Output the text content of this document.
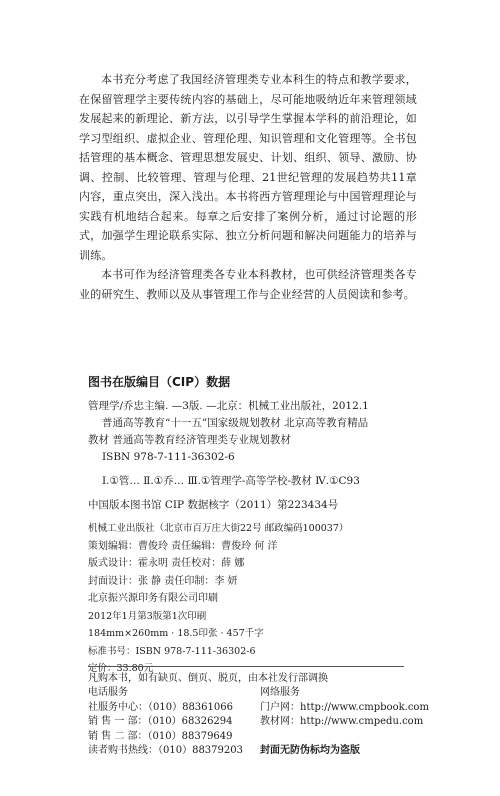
本书充分考虑了我国经济管理类专业本科生的特点和教学要求，在保留管理学主要传统内容的基础上，尽可能地吸纳近年来管理领域发展起来的新理论、新方法，以引导学生掌握本学科的前沿理论，如学习型组织、虚拟企业、管理伦理、知识管理和文化管理等。全书包括管理的基本概念、管理思想发展史、计划、组织、领导、激励、协调、控制、比较管理、管理与伦理、21世纪管理的发展趋势共11章内容，重点突出，深入浅出。本书将西方管理理论与中国管理理论与实践有机地结合起来。每章之后安排了案例分析，通过讨论题的形式，加强学生理论联系实际、独立分析问题和解决问题能力的培养与训练。

本书可作为经济管理类各专业本科教材，也可供经济管理类各专业的研究生、教师以及从事管理工作与企业经营的人员阅读和参考。

图书在版编目（CIP）数据
管理学/乔忠主编. —3版. —北京：机械工业出版社，2012.1
普通高等教育“十一五”国家级规划教材 北京高等教育精品
教材 普通高等教育经济管理类专业规划教材
ISBN 978-7-111-36302-6
Ⅰ.①管… Ⅱ.①乔… Ⅲ.①管理学-高等学校-教材 Ⅳ.①C93
中国版本图书馆 CIP 数据核字（2011）第223434号
机械工业出版社（北京市百万庄大街22号 邮政编码100037）
策划编辑：曹俊玲 责任编辑：曹俊玲 何 洋
版式设计：霍永明 责任校对：薛 娜
封面设计：张 静 责任印制：李 妍
北京振兴源印务有限公司印刷
2012年1月第3版第1次印刷
184mm×260mm · 18.5印张 · 457千字
标准书号：ISBN 978-7-111-36302-6
定价：33.80元
凡购本书，如有缺页、倒页、脱页，由本社发行部调换
电话服务
社服务中心：（010）88361066
销 售 一 部：（010）68326294
销 售 二 部：（010）88379649
读者购书热线：（010）88379203
网络服务
门户网：http://www.cmpbook.com
教材网：http://www.cmpedu.com

封面无防伪标均为盗版
